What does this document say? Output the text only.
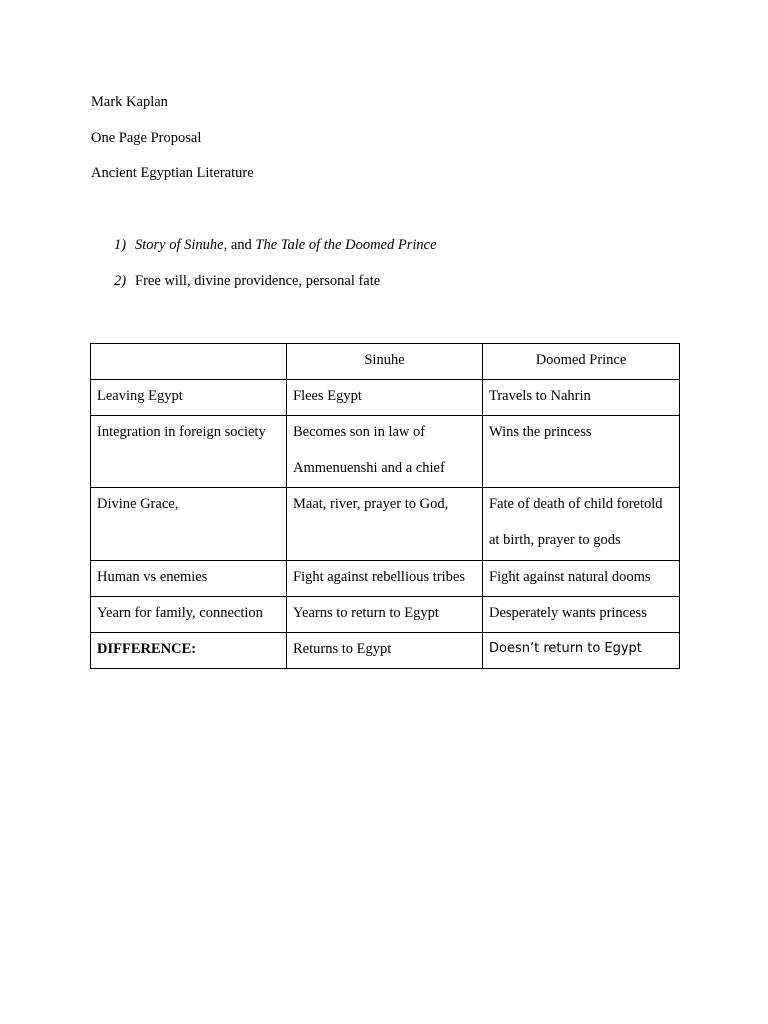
Mark Kaplan
One Page Proposal
Ancient Egyptian Literature
1) Story of Sinuhe, and The Tale of the Doomed Prince
2) Free will, divine providence, personal fate

	Sinuhe	Doomed Prince

Leaving Egypt	Flees Egypt	Travels to Nahrin

Integration in foreign society	Becomes son in law of Ammenuenshi and a chief	Wins the princess

Divine Grace,	Maat, river, prayer to God,	Fate of death of child foretold at birth, prayer to gods

Human vs enemies	Fight against rebellious tribes	Fight against natural dooms

Yearn for family, connection	Yearns to return to Egypt	Desperately wants princess

DIFFERENCE:	Returns to Egypt	Doesn’t return to Egypt
